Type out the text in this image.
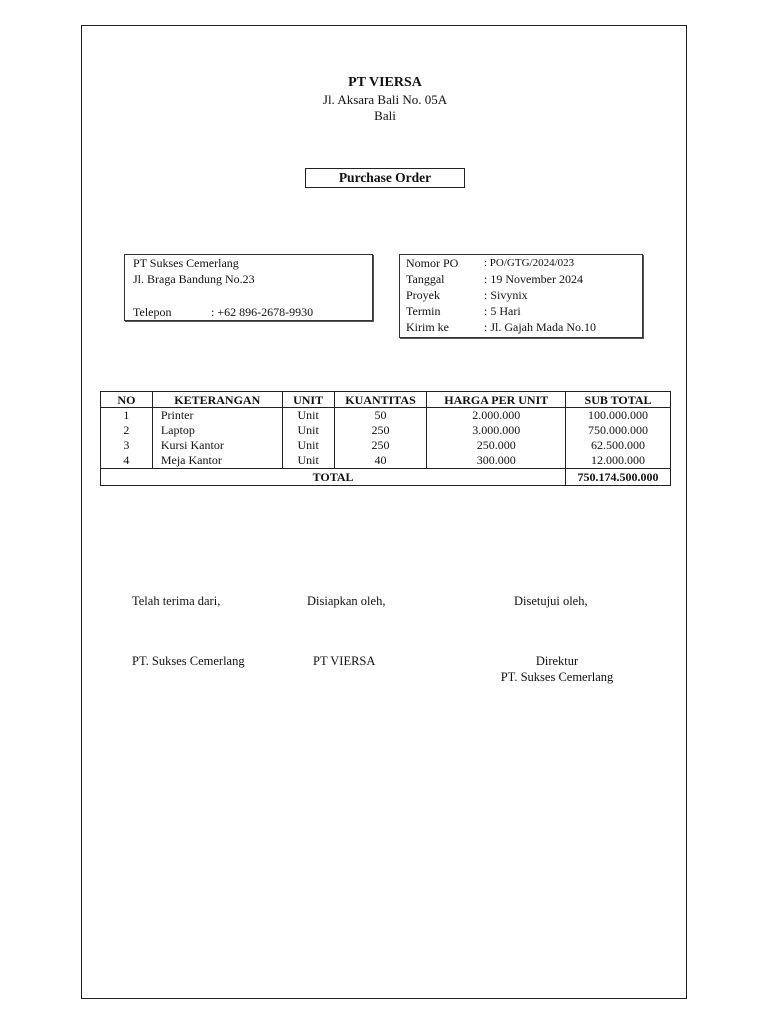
PT VIERSA
Jl. Aksara Bali No. 05A
Bali
Purchase Order
PT Sukses Cemerlang
Jl. Braga Bandung No.23
Telepon	: +62 896-2678-9930
Nomor PO	: PO/GTG/2024/023
Tanggal	: 19 November 2024
Proyek	: Sivynix
Termin	: 5 Hari
Kirim ke	: Jl. Gajah Mada No.10
NO	KETERANGAN	UNIT	KUANTITAS	HARGA PER UNIT	SUB TOTAL
1	Printer	Unit	50	2.000.000	100.000.000
2	Laptop	Unit	250	3.000.000	750.000.000
3	Kursi Kantor	Unit	250	250.000	62.500.000
4	Meja Kantor	Unit	40	300.000	12.000.000
TOTAL					750.174.500.000
Telah terima dari,	Disiapkan oleh,	Disetujui oleh,
PT. Sukses Cemerlang	PT VIERSA	Direktur
PT. Sukses Cemerlang
